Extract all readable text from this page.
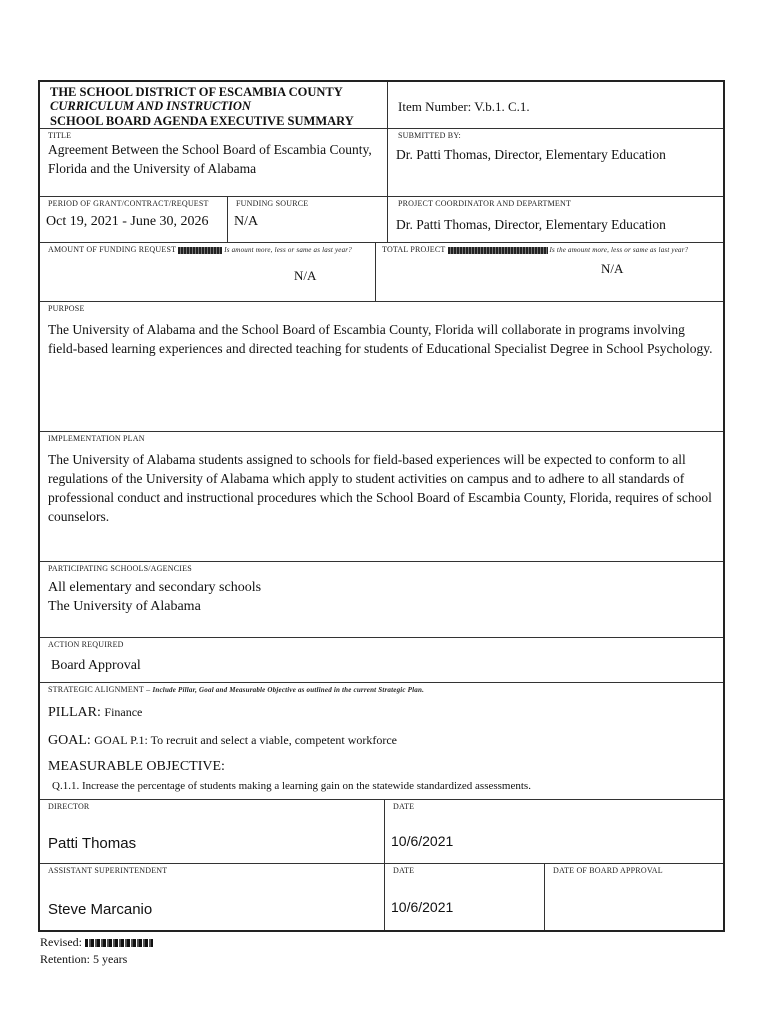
THE SCHOOL DISTRICT OF ESCAMBIA COUNTY
CURRICULUM AND INSTRUCTION
SCHOOL BOARD AGENDA EXECUTIVE SUMMARY
Item Number: V.b.1. C.1.
TITLE
Agreement Between the School Board of Escambia County, Florida and the University of Alabama
SUBMITTED BY:
Dr. Patti Thomas, Director, Elementary Education
PERIOD OF GRANT/CONTRACT/REQUEST
Oct 19, 2021 - June 30, 2026
FUNDING SOURCE
N/A
PROJECT COORDINATOR AND DEPARTMENT
Dr. Patti Thomas, Director, Elementary Education
AMOUNT OF FUNDING REQUEST	Is amount more, less or same as last year?
N/A
TOTAL PROJECT	Is the amount more, less or same as last year?
N/A
PURPOSE
The University of Alabama and the School Board of Escambia County, Florida will collaborate in programs involving field-based learning experiences and directed teaching for students of Educational Specialist Degree in School Psychology.
IMPLEMENTATION PLAN
The University of Alabama students assigned to schools for field-based experiences will be expected to conform to all regulations of the University of Alabama which apply to student activities on campus and to adhere to all standards of professional conduct and instructional procedures which the School Board of Escambia County, Florida, requires of school counselors.
PARTICIPATING SCHOOLS/AGENCIES
All elementary and secondary schools
The University of Alabama
ACTION REQUIRED
Board Approval
STRATEGIC ALIGNMENT – Include Pillar, Goal and Measurable Objective as outlined in the current Strategic Plan.
PILLAR: Finance
GOAL: GOAL P.1: To recruit and select a viable, competent workforce
MEASURABLE OBJECTIVE:
Q.1.1. Increase the percentage of students making a learning gain on the statewide standardized assessments.
DIRECTOR
Patti Thomas
DATE
10/6/2021
ASSISTANT SUPERINTENDENT
Steve Marcanio
DATE
10/6/2021
DATE OF BOARD APPROVAL
Revised:
Retention: 5 years
